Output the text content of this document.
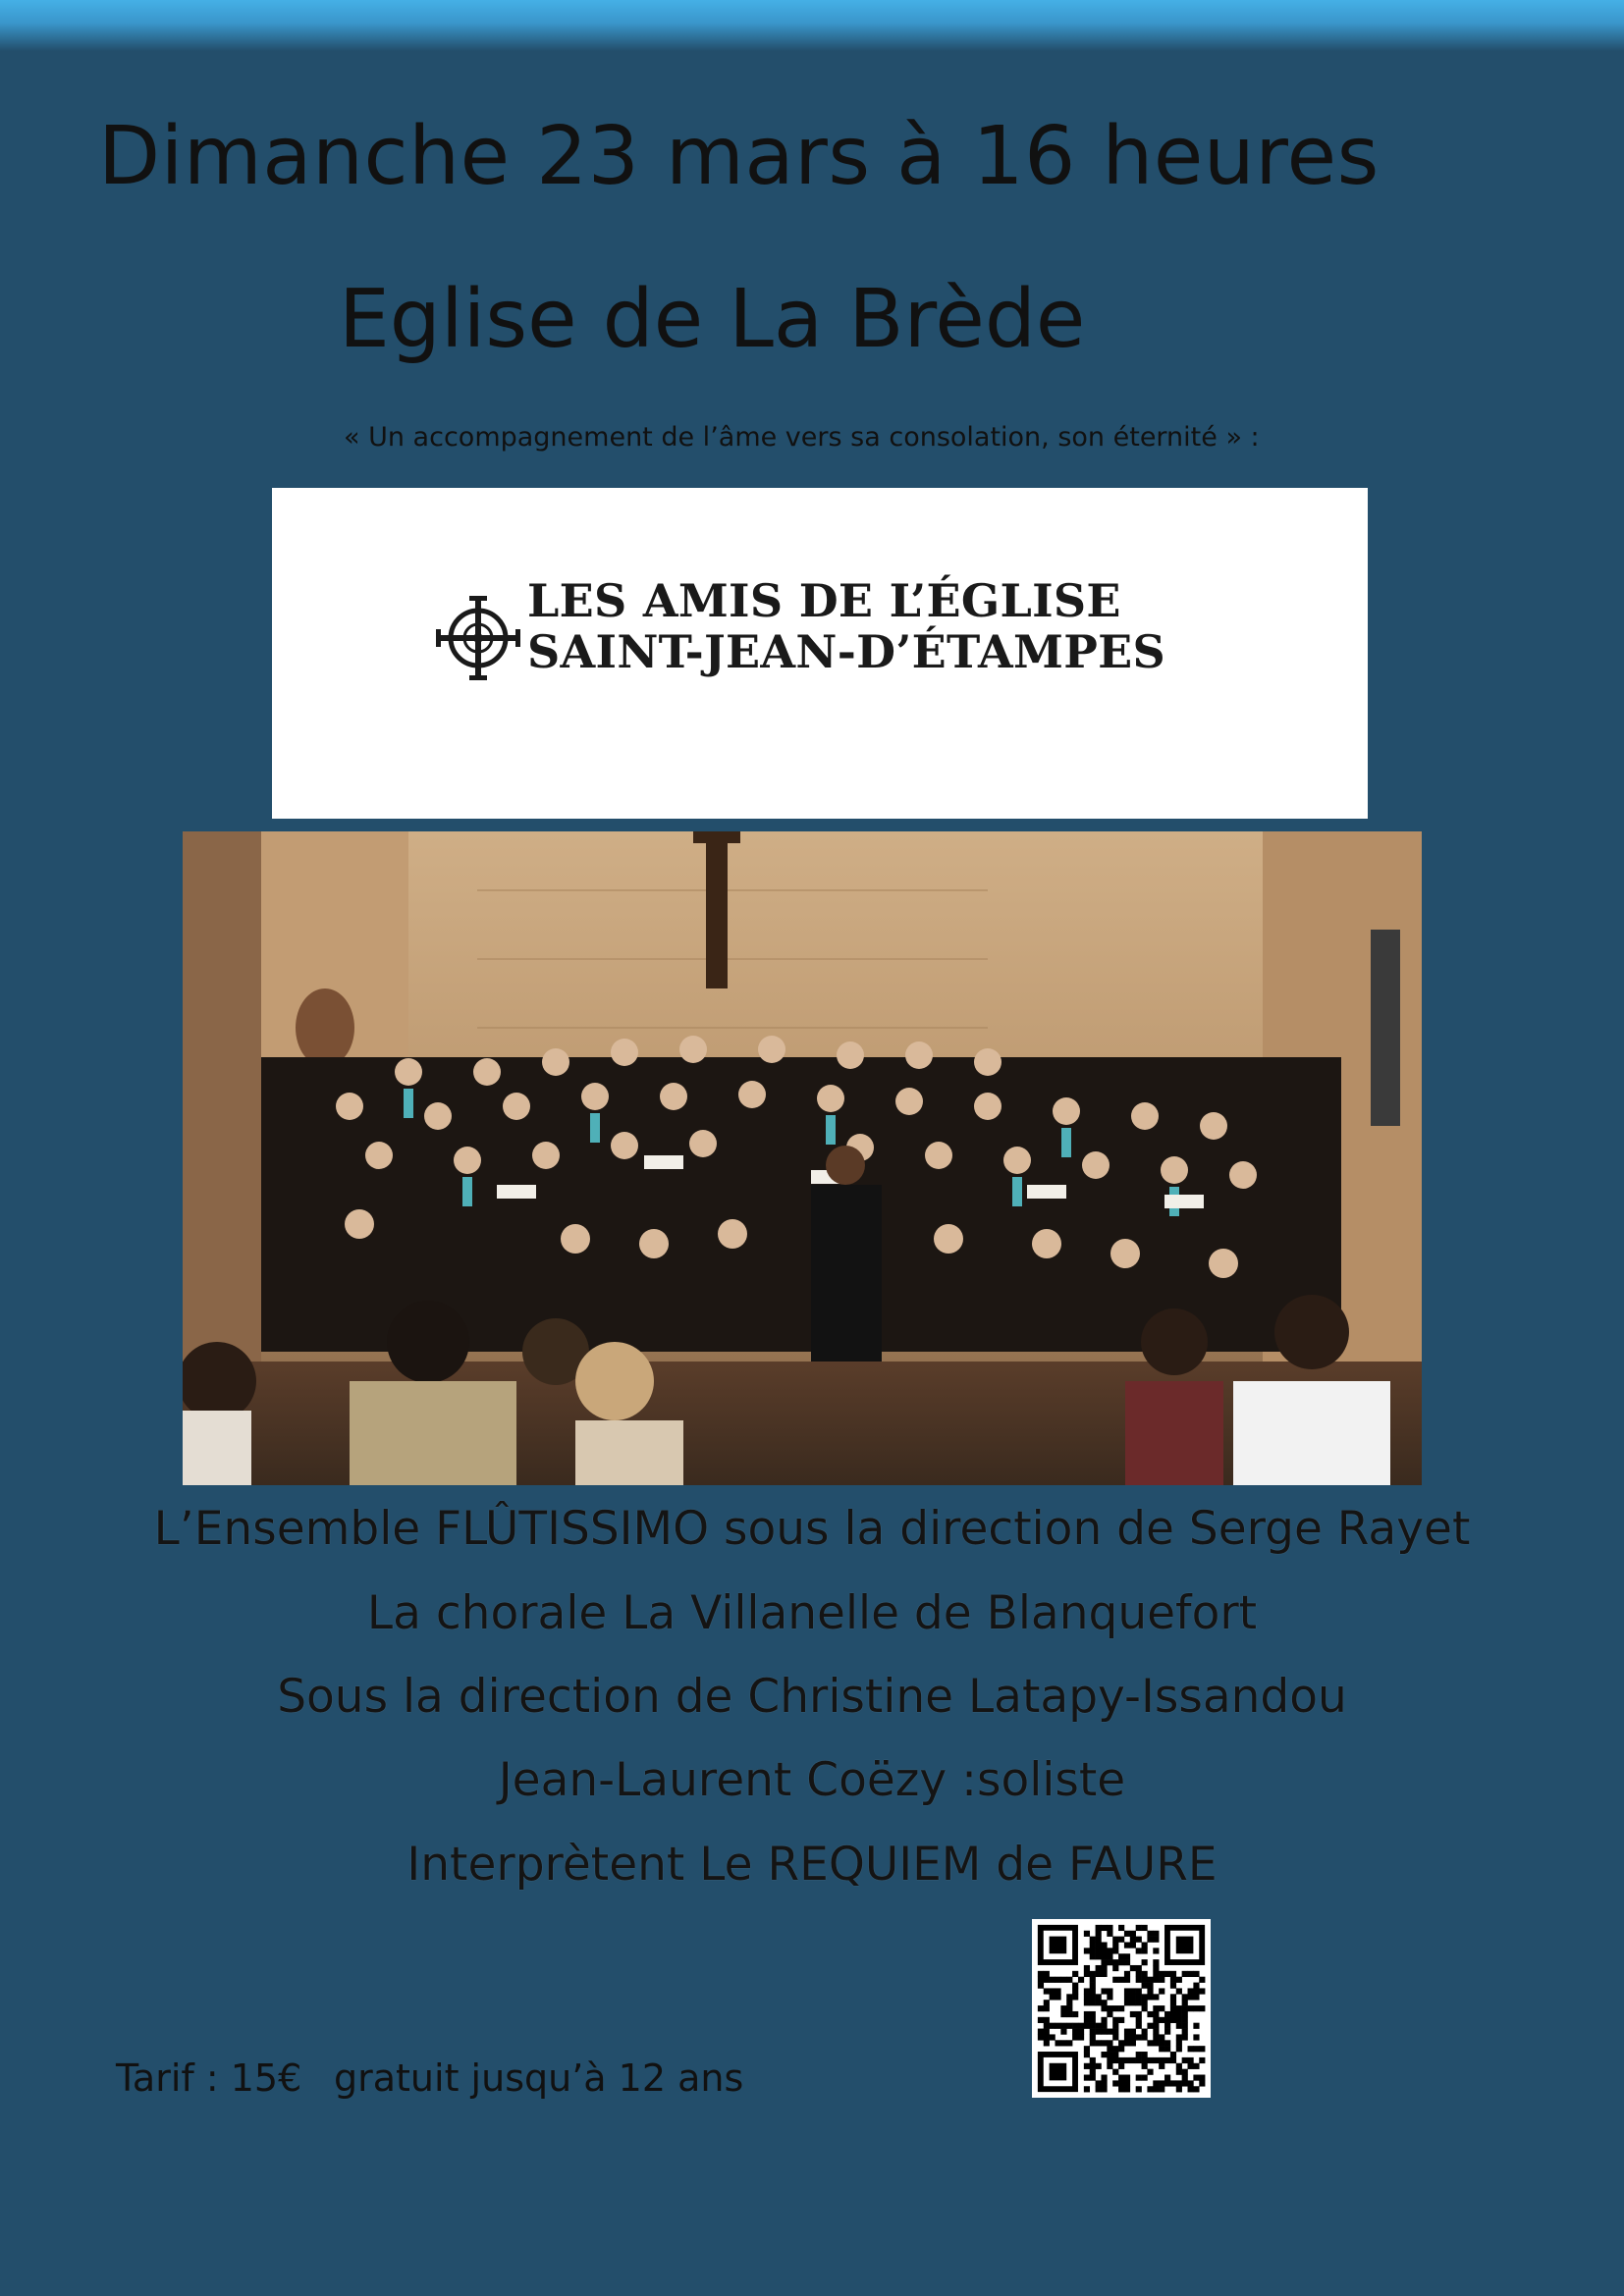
Dimanche 23 mars à 16 heures
Eglise de La Brède
« Un accompagnement de l’âme vers sa consolation, son éternité » :
LES AMIS DE L’ÉGLISE
SAINT-JEAN-D’ÉTAMPES
L’Ensemble FLÛTISSIMO sous la direction de Serge Rayet
La chorale La Villanelle de Blanquefort
Sous la direction de Christine Latapy-Issandou
Jean-Laurent Coëzy :soliste
Interprètent Le REQUIEM de FAURE
Tarif : 15€ gratuit jusqu’à 12 ans
